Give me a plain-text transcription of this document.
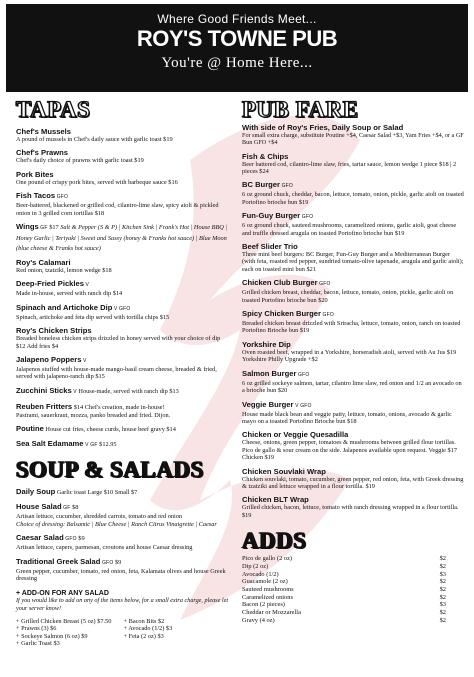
Where Good Friends Meet...
ROY'S TOWNE PUB
You're @ Home Here...
TAPAS
Chef's Mussels
A pound of mussels in Chef's daily sauce with garlic toast $19
Chef's Prawns
Chef's daily choice of prawns with garlic toast $19
Pork Bites
One pound of crispy pork bites, served with barbeque sauce $16
Fish Tacos GFO
Beer-battered, blackened or grilled cod, cilantro-lime slaw, spicy aioli & pickled onion in 3 grilled corn tortillas $18
Wings GF $17 Salt & Pepper (S & P) | Kitchen Sink | Frank's Hot | House BBQ | Honey Garlic | Teriyaki | Sweet and Sassy (honey & Franks hot sauce) | Blue Moon (blue cheese & Franks hot sauce)
Roy's Calamari
Red onion, tzatziki, lemon wedge $18
Deep-Fried Pickles V
Made in-house, served with ranch dip $14
Spinach and Artichoke Dip V GFO
Spinach, artichoke and feta dip served with tortilla chips $15
Roy's Chicken Strips
Breaded boneless chicken strips drizzled in honey served with your choice of dip $12 Add fries $4
Jalapeno Poppers V
Jalapenos stuffed with house-made mango-basil cream cheese, breaded & fried, served with jalapeno-ranch dip $15
Zucchini Sticks V House-made, served with ranch dip $13
Reuben Fritters $14 Chef's creation, made in-house!
Pastrami, sauerkraut, mozza, panko breaded and fried. Dijon.
Poutine House cut fries, cheese curds, house beef gravy $14
Sea Salt Edamame V GF $12.95
SOUP & SALADS
Daily Soup Garlic toast Large $10 Small $7
House Salad GF $8
Artisan lettuce, cucumber, shredded carrots, tomato and red onion
Choice of dressing: Balsamic | Blue Cheese | Ranch Citrus Vinaigrette | Caesar
Caesar Salad GFO $9
Artisan lettuce, capers, parmesan, croutons and house Caesar dressing
Traditional Greek Salad GFO $9
Green pepper, cucumber, tomato, red onion, feta, Kalamata olives and house Greek dressing
+ ADD-ON FOR ANY SALAD
If you would like to add on any of the items below, for a small extra charge, please let your server know!
+ Grilled Chicken Breast (5 oz) $7.50
+ Prawns (3) $6
+ Sockeye Salmon (6 oz) $9
+ Garlic Toast $3
+ Bacon Bits $2
+ Avocado (1/2) $3
+ Feta (2 oz) $3
PUB FARE
With side of Roy's Fries, Daily Soup or Salad
For small extra charge, substitute Poutine +$4, Caesar Salad +$3, Yam Fries +$4, or a GF Bun GFO +$4
Fish & Chips
Beer battered cod, cilantro-lime slaw, fries, tartar sauce, lemon wedge 1 piece $18 | 2 pieces $24
BC Burger GFO
6 oz ground chuck, cheddar, bacon, lettuce, tomato, onion, pickle, garlic aioli on toasted Portofino brioche bun $19
Fun-Guy Burger GFO
6 oz ground chuck, sauteed mushrooms, caramelized onions, garlic aioli, goat cheese and truffle dressed arugula on toasted Portofino brioche bun $19
Beef Slider Trio
Three mini beef burgers: BC Burger, Fun-Guy Burger and a Mediterranean Burger (with feta, roasted red pepper, sundried tomato-olive tapenade, arugula and garlic aioli); each on toasted mini bun $21
Chicken Club Burger GFO
Grilled chicken breast, cheddar, bacon, lettuce, tomato, onion, pickle, garlic aioli on toasted Portofino brioche bun $20
Spicy Chicken Burger GFO
Breaded chicken breast drizzled with Sriracha, lettuce, tomato, onion, ranch on toasted Portofino Brioche bun $19
Yorkshire Dip
Oven roasted beef, wrapped in a Yorkshire, horseradish aioli, served with Au Jus $19 Yorkshire Philly Upgrade +$2
Salmon Burger GFO
6 oz grilled sockeye salmon, tartar, cilantro lime slaw, red onion and 1/2 an avocado on a brioche bun $20
Veggie Burger V GFO
House made black bean and veggie patty, lettuce, tomato, onions, avocado & garlic mayo on a toasted Portofino Brioche bun $18
Chicken or Veggie Quesadilla
Cheese, onions, green pepper, tomatoes & mushrooms between grilled flour tortillas. Pico de gallo & sour cream on the side. Jalapenos available upon request. Veggie $17 Chicken $19
Chicken Souvlaki Wrap
Chicken souvlaki, tomato, cucumber, green pepper, red onion, feta, with Greek dressing & tzatziki and lettuce wrapped in a flour tortilla. $19
Chicken BLT Wrap
Grilled chicken, bacon, lettuce, tomato with ranch dressing wrapped in a flour tortilla. $19
ADDS
Pico de gallo (2 oz)	$2
Dip (2 oz)	$2
Avocado (1/2)	$3
Guacamole (2 oz)	$2
Sauteed mushrooms	$2
Caramelized onions	$2
Bacon (2 pieces)	$3
Cheddar or Mozzarella	$2
Gravy (4 oz)	$2
